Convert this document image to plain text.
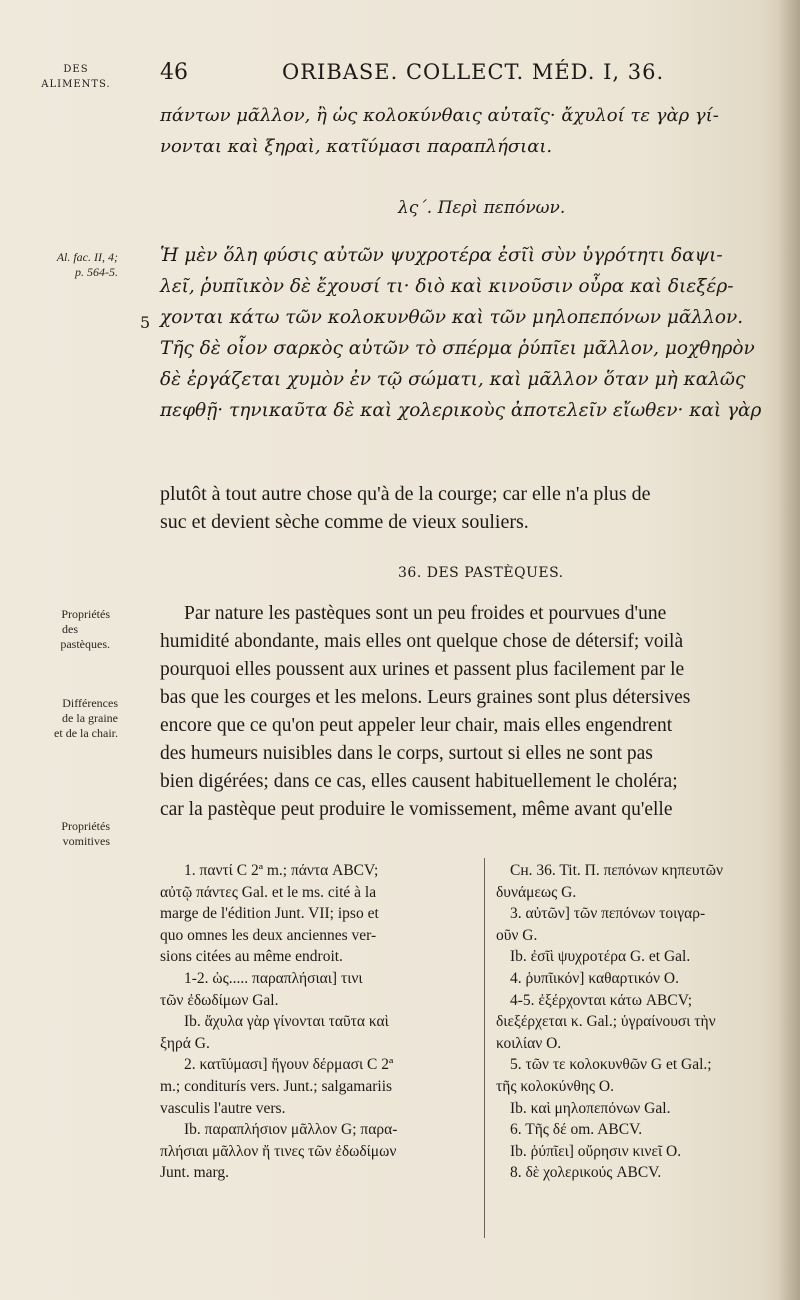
DES
ALIMENTS. 46	ORIBASE. COLLECT. MÉD. I, 36.
πάντων μᾶλλον, ἢ ὡς κολοκύνθαις αὐταῖς· ἄχυλοί τε γὰρ γί-
νονται καὶ ξηραὶ, κατῖύμασι παραπλήσιαι.
λς΄. Περὶ πεπόνων.
Al. fac. II, 4;
p. 564-5.
5
Ἡ μὲν ὅλη φύσις αὐτῶν ψυχροτέρα ἐσῖὶ σὺν ὑγρότητι δαψι-
λεῖ, ῥυπῖικὸν δὲ ἔχουσί τι· διὸ καὶ κινοῦσιν οὖρα καὶ διεξέρ-
χονται κάτω τῶν κολοκυνθῶν καὶ τῶν μηλοπεπόνων μᾶλλον.
Τῆς δὲ οἷον σαρκὸς αὐτῶν τὸ σπέρμα ῥύπῖει μᾶλλον, μοχθηρὸν
δὲ ἐργάζεται χυμὸν ἐν τῷ σώματι, καὶ μᾶλλον ὅταν μὴ καλῶς
πεφθῇ· τηνικαῦτα δὲ καὶ χολερικοὺς ἀποτελεῖν εἴωθεν· καὶ γὰρ
plutôt à tout autre chose qu'à de la courge; car elle n'a plus de
suc et devient sèche comme de vieux souliers.
36. DES PASTÈQUES.
Par nature les pastèques sont un peu froides et pourvues d'une
humidité abondante, mais elles ont quelque chose de détersif; voilà
pourquoi elles poussent aux urines et passent plus facilement par le
bas que les courges et les melons. Leurs graines sont plus détersives
encore que ce qu'on peut appeler leur chair, mais elles engendrent
des humeurs nuisibles dans le corps, surtout si elles ne sont pas
bien digérées; dans ce cas, elles causent habituellement le choléra;
car la pastèque peut produire le vomissement, même avant qu'elle
Propriétés
des
pastèques.
Différences
de la graine
et de la chair.
Propriétés
vomitives
1. παντί C 2ª m.; πάντα ABCV;
αὐτῷ πάντες Gal. et le ms. cité à la
marge de l'édition Junt. VII; ipso et
quo omnes les deux anciennes ver-
sions citées au même endroit.
1-2. ὡς..... παραπλήσιαι] τινι
τῶν ἐδωδίμων Gal.
Ib. ἄχυλα γὰρ γίνονται ταῦτα καὶ
ξηρά G.
2. κατῖύμασι] ἤγουν δέρμασι C 2ª
m.; conditurís vers. Junt.; salgamariis
vasculis l'autre vers.
Ib. παραπλήσιον μᾶλλον G; παρα-
πλήσιαι μᾶλλον ἤ τινες τῶν ἐδωδίμων
Junt. marg.
Cʜ. 36. Tit. Π. πεπόνων κηπευτῶν
δυνάμεως G.
3. αὐτῶν] τῶν πεπόνων τοιγαρ-
οῦν G.
Ib. ἐσῖὶ ψυχροτέρα G. et Gal.
4. ῥυπῖικόν] καθαρτικόν O.
4-5. ἐξέρχονται κάτω ABCV;
διεξέρχεται κ. Gal.; ὑγραίνουσι τὴν
κοιλίαν O.
5. τῶν τε κολοκυνθῶν G et Gal.;
τῆς κολοκύνθης O.
Ib. καὶ μηλοπεπόνων Gal.
6. Τῆς δέ om. ABCV.
Ib. ῥύπῖει] οὔρησιν κινεῖ O.
8. δὲ χολερικούς ABCV.
